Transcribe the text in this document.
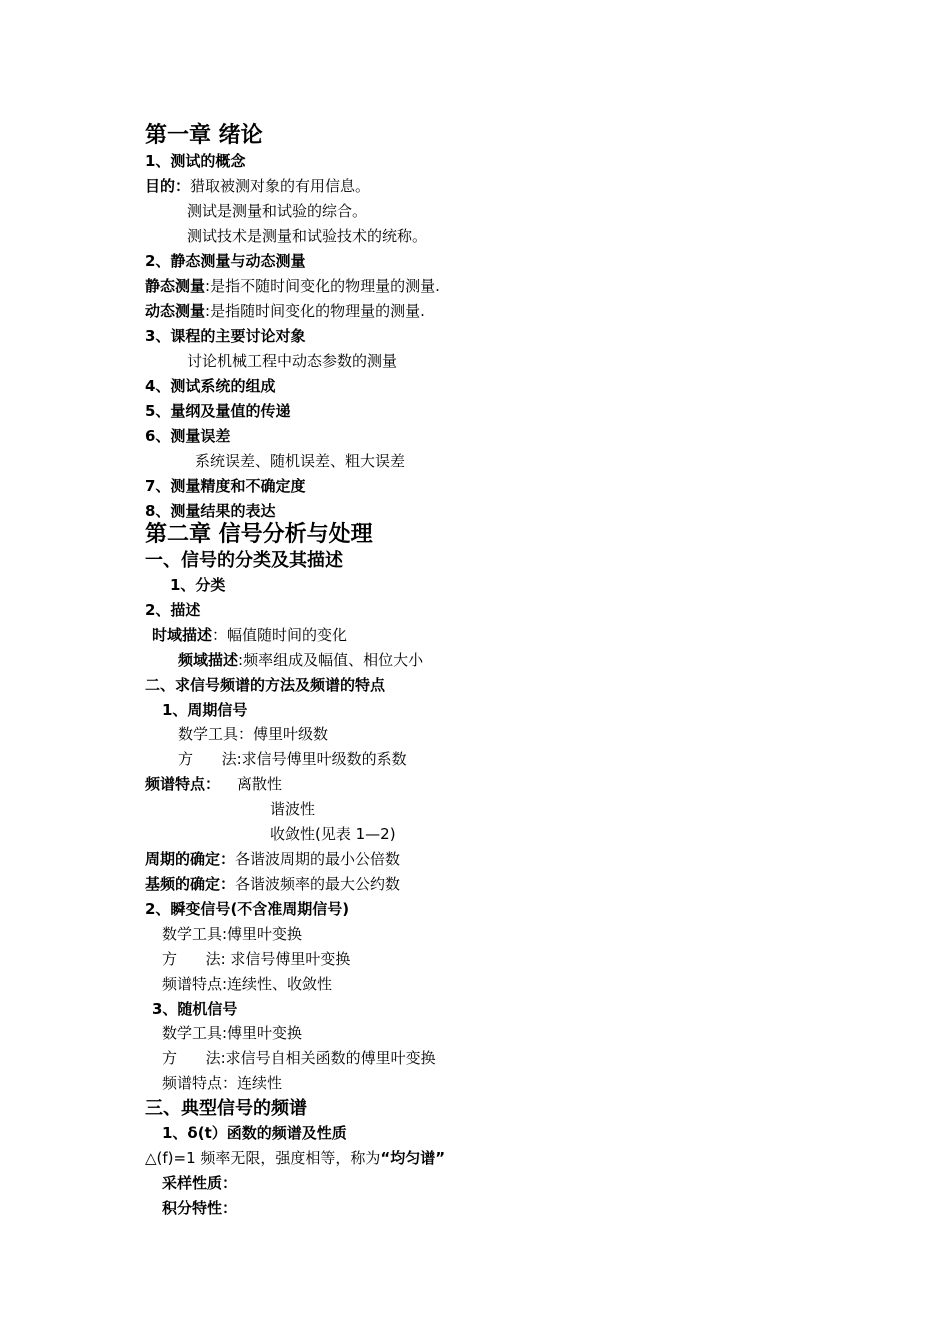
第一章 绪论
1、测试的概念
目的：猎取被测对象的有用信息。
测试是测量和试验的综合。
测试技术是测量和试验技术的统称。
2、静态测量与动态测量
静态测量:是指不随时间变化的物理量的测量.
动态测量:是指随时间变化的物理量的测量.
3、课程的主要讨论对象
讨论机械工程中动态参数的测量
4、测试系统的组成
5、量纲及量值的传递
6、测量误差
系统误差、随机误差、粗大误差
7、测量精度和不确定度
8、测量结果的表达
第二章 信号分析与处理
一、信号的分类及其描述
1、分类
2、描述
时域描述：幅值随时间的变化
频域描述:频率组成及幅值、相位大小
二、求信号频谱的方法及频谱的特点
1、周期信号
数学工具：傅里叶级数
方      法:求信号傅里叶级数的系数
频谱特点： 离散性
谐波性
收敛性(见表 1—2)
周期的确定：各谐波周期的最小公倍数
基频的确定：各谐波频率的最大公约数
2、瞬变信号(不含准周期信号)
数学工具:傅里叶变换
方      法: 求信号傅里叶变换
频谱特点:连续性、收敛性
3、随机信号
数学工具:傅里叶变换
方      法:求信号自相关函数的傅里叶变换
频谱特点：连续性
三、典型信号的频谱
1、δ(t）函数的频谱及性质
△(f)=1 频率无限，强度相等，称为“均匀谱”
采样性质：
积分特性：
